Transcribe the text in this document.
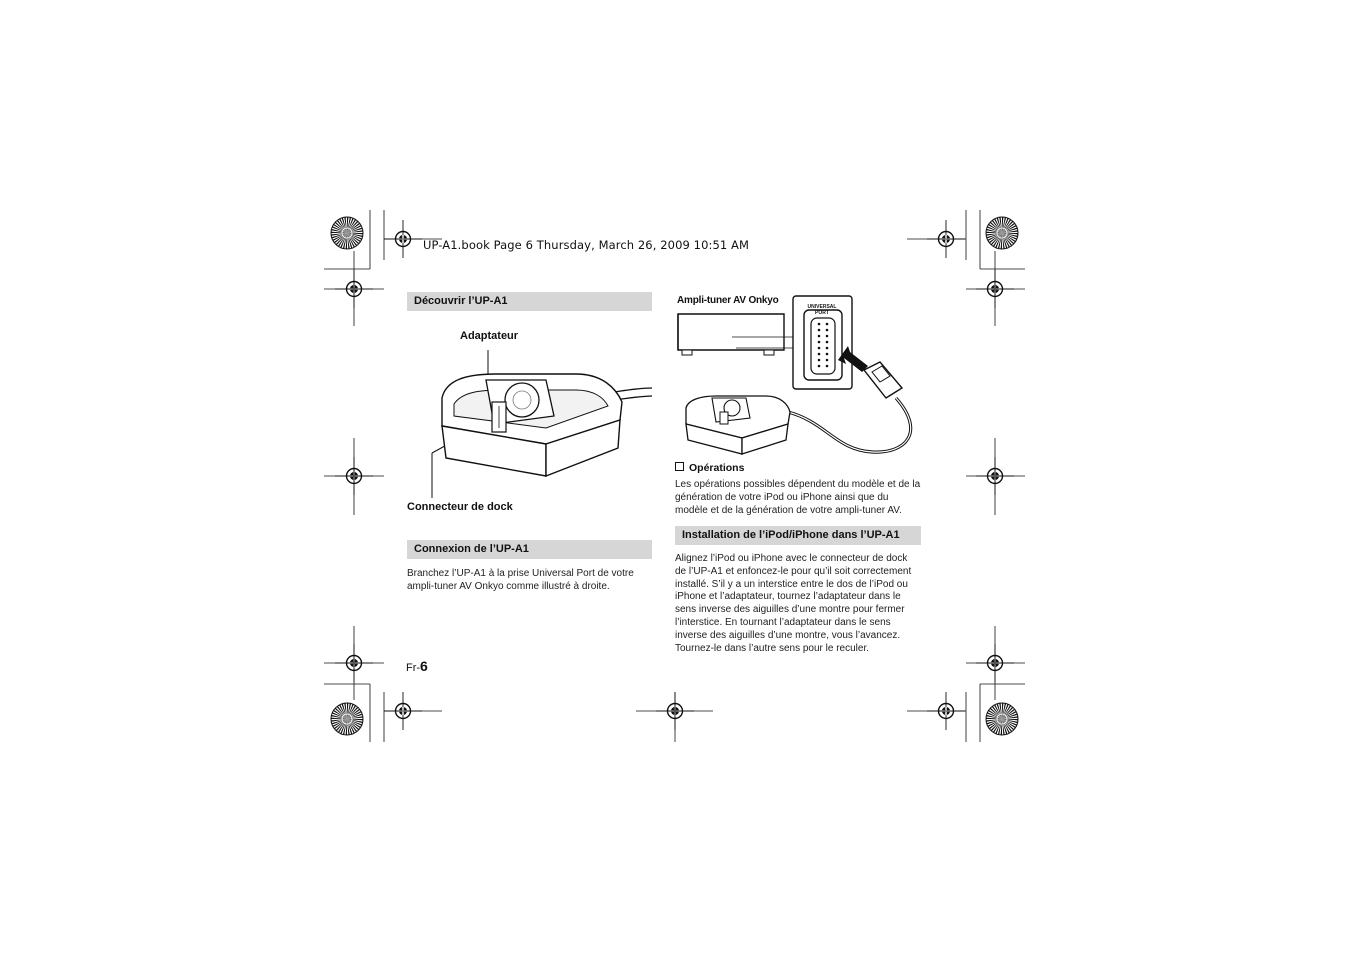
UP-A1.book Page 6 Thursday, March 26, 2009 10:51 AM
Découvrir l’UP-A1
Adaptateur
Connecteur de dock
Connexion de l’UP-A1
Branchez l’UP-A1 à la prise Universal Port de votre ampli-tuner AV Onkyo comme illustré à droite.
Fr-6
Ampli-tuner AV Onkyo
UNIVERSAL
PORT
Opérations
Les opérations possibles dépendent du modèle et de la génération de votre iPod ou iPhone ainsi que du modèle et de la génération de votre ampli-tuner AV.
Installation de l’iPod/iPhone dans l’UP-A1
Alignez l’iPod ou iPhone avec le connecteur de dock de l’UP-A1 et enfoncez-le pour qu’il soit correctement installé. S’il y a un interstice entre le dos de l’iPod ou iPhone et l’adaptateur, tournez l’adaptateur dans le sens inverse des aiguilles d’une montre pour fermer l’interstice. En tournant l’adaptateur dans le sens inverse des aiguilles d’une montre, vous l’avancez. Tournez-le dans l’autre sens pour le reculer.
